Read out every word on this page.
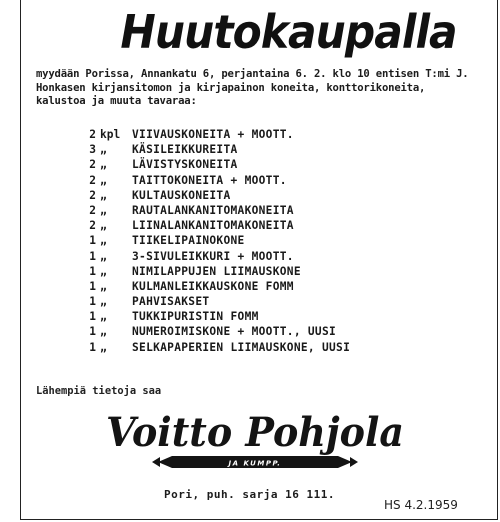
Huutokaupalla
myydään Porissa, Annankatu 6, perjantaina 6. 2. klo 10 entisen T:mi J. Honkasen kirjansitomon ja kirjapainon koneita, konttorikoneita, kalustoa ja muuta tavaraa:
2 kpl VIIVAUSKONEITA + MOOTT.
3 „ KÄSILEIKKUREITA
2 „ LÄVISTYSKONEITA
2 „ TAITTOKONEITA + MOOTT.
2 „ KULTAUSKONEITA
2 „ RAUTALANKANITOMAKONEITA
2 „ LIINALANKANITOMAKONEITA
1 „ TIIKELIPAINOKONE
1 „ 3-SIVULEIKKURI + MOOTT.
1 „ NIMILAPPUJEN LIIMAUSKONE
1 „ KULMANLEIKKAUSKONE FOMM
1 „ PAHVISAKSET
1 „ TUKKIPURISTIN FOMM
1 „ NUMEROIMISKONE + MOOTT., UUSI
1 „ SELKAPAPERIEN LIIMAUSKONE, UUSI
Lähempiä tietoja saa
Voitto Pohjola
JA KUMPP.
Pori, puh. sarja 16 111.
HS 4.2.1959
